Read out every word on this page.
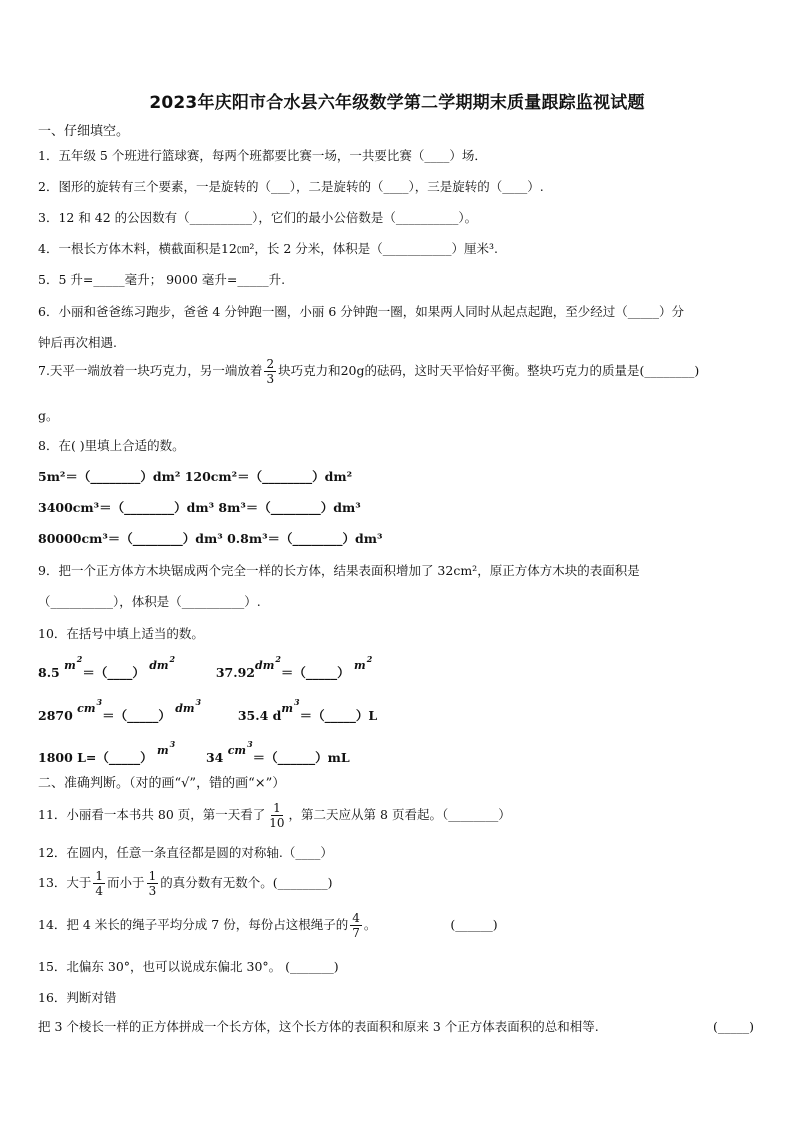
2023年庆阳市合水县六年级数学第二学期期末质量跟踪监视试题
一、仔细填空。
1．五年级 5 个班进行篮球赛，每两个班都要比赛一场，一共要比赛（____）场．
2．图形的旋转有三个要素，一是旋转的（___），二是旋转的（____），三是旋转的（____）.
3．12 和 42 的公因数有（__________），它们的最小公倍数是（__________）。
4．一根长方体木料，横截面积是12㎝²，长 2 分米，体积是（___________）厘米³.
5．5 升=_____毫升； 9000 毫升=_____升.
6．小丽和爸爸练习跑步，爸爸 4 分钟跑一圈，小丽 6 分钟跑一圈，如果两人同时从起点起跑，至少经过（_____）分
钟后再次相遇.
7.天平一端放着一块巧克力，另一端放着 $\frac{2}{3}$ 块巧克力和20g的砝码，这时天平恰好平衡。整块巧克力的质量是(________)
g。
8．在( )里填上合适的数。
5m²＝（________）dm² 120cm²＝（________）dm²
3400cm³＝（________）dm³ 8m³＝（________）dm³
80000cm³＝（________）dm³ 0.8m³＝（________）dm³
9．把一个正方体方木块锯成两个完全一样的长方体，结果表面积增加了 32cm²，原正方体方木块的表面积是
（__________），体积是（__________）.
10．在括号中填上适当的数。
8.5 $m^2=(\_\_\_\_)$ $dm^2$  $37.92dm^2=(\_\_\_\_\_)$ $m^2$
2870 $cm^3=(\_\_\_\_\_)$ $dm^3$  35.4 $dm^3=(\_\_\_\_\_)L$
1800 L=（_____） $m^3$  34 $cm^3=(\_\_\_\_\_\_)mL$
二、准确判断。（对的画“√”，错的画“×”）
11．小丽看一本书共 80 页，第一天看了 $\frac{1}{10}$ ，第二天应从第 8 页看起。（________）
12．在圆内，任意一条直径都是圆的对称轴.（____）
13．大于 $\frac{1}{4}$ 而小于 $\frac{1}{3}$ 的真分数有无数个。(________)
14．把 4 米长的绳子平均分成 7 份，每份占这根绳子的 $\frac{4}{7}$ 。	(______)
15．北偏东 30°，也可以说成东偏北 30°。 (_______)
16．判断对错
把 3 个棱长一样的正方体拼成一个长方体，这个长方体的表面积和原来 3 个正方体表面积的总和相等.	(_____)
